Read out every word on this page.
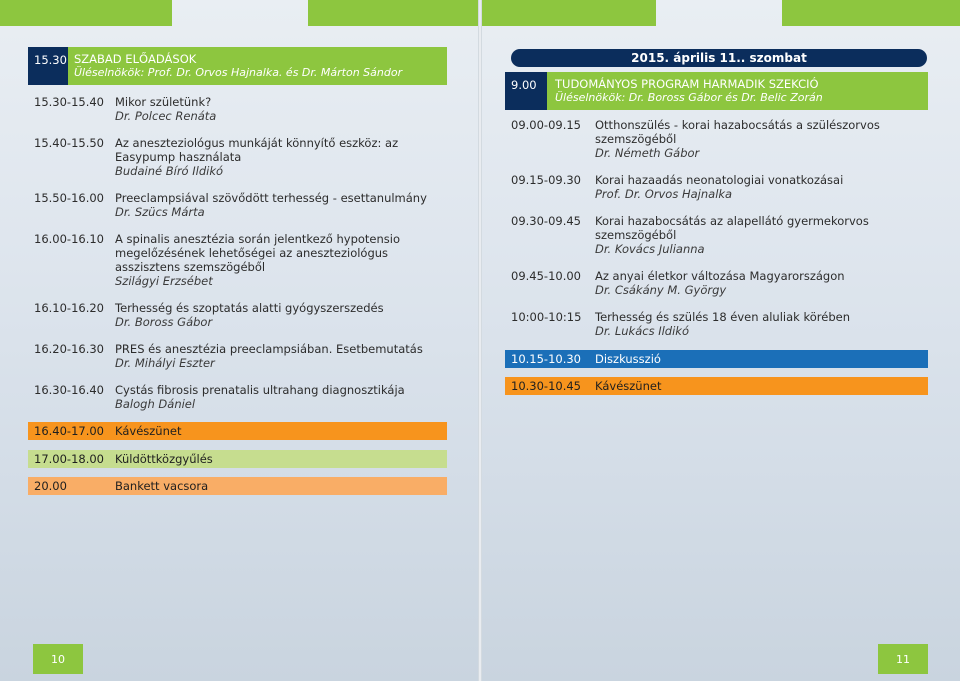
15.30 SZABAD ELŐADÁSOK
Üléselnökök: Prof. Dr. Orvos Hajnalka. és Dr. Márton Sándor
15.30-15.40 Mikor születünk?
Dr. Polcec Renáta
15.40-15.50 Az aneszteziológus munkáját könnyítő eszköz: az Easypump használata
Budainé Bíró Ildikó
15.50-16.00 Preeclampsiával szövődött terhesség - esettanulmány
Dr. Szücs Márta
16.00-16.10 A spinalis anesztézia során jelentkező hypotensio megelőzésének lehetőségei az aneszteziológus asszisztens szemszögéből
Szilágyi Erzsébet
16.10-16.20 Terhesség és szoptatás alatti gyógyszerszedés
Dr. Boross Gábor
16.20-16.30 PRES és anesztézia preeclampsiában. Esetbemutatás
Dr. Mihályi Eszter
16.30-16.40 Cystás fibrosis prenatalis ultrahang diagnosztikája
Balogh Dániel
16.40-17.00 Kávészünet
17.00-18.00 Küldöttközgyűlés
20.00	Bankett vacsora
10
2015. április 11.. szombat
9.00 TUDOMÁNYOS PROGRAM HARMADIK SZEKCIÓ
Üléselnökök: Dr. Boross Gábor és Dr. Belic Zorán
09.00-09.15 Otthonszülés - korai hazabocsátás a szülészorvos szemszögéből
Dr. Németh Gábor
09.15-09.30 Korai hazaadás neonatologiai vonatkozásai
Prof. Dr. Orvos Hajnalka
09.30-09.45 Korai hazabocsátás az alapellátó gyermekorvos szemszögéből
Dr. Kovács Julianna
09.45-10.00 Az anyai életkor változása Magyarországon
Dr. Csákány M. György
10:00-10:15 Terhesség és szülés 18 éven aluliak körében
Dr. Lukács Ildikó
10.15-10.30 Diszkusszió
10.30-10.45 Kávészünet
11
